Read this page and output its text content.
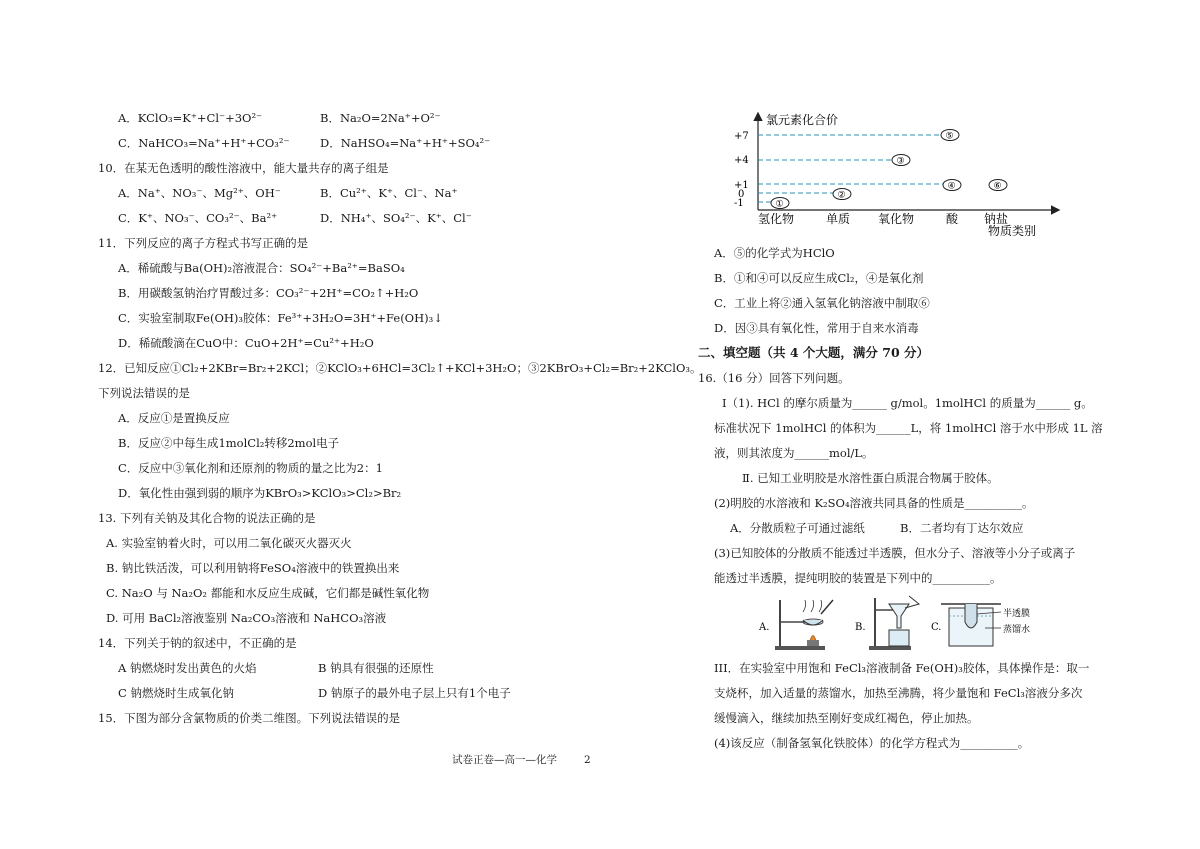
A．KClO₃=K⁺+Cl⁻+3O²⁻	B．Na₂O=2Na⁺+O²⁻
C．NaHCO₃=Na⁺+H⁺+CO₃²⁻	D．NaHSO₄=Na⁺+H⁺+SO₄²⁻
10．在某无色透明的酸性溶液中，能大量共存的离子组是
A．Na⁺、NO₃⁻、Mg²⁺、OH⁻	B．Cu²⁺、K⁺、Cl⁻、Na⁺
C．K⁺、NO₃⁻、CO₃²⁻、Ba²⁺	D．NH₄⁺、SO₄²⁻、K⁺、Cl⁻
11．下列反应的离子方程式书写正确的是
A．稀硫酸与Ba(OH)₂溶液混合：SO₄²⁻+Ba²⁺=BaSO₄
B．用碳酸氢钠治疗胃酸过多：CO₃²⁻+2H⁺=CO₂↑+H₂O
C．实验室制取Fe(OH)₃胶体：Fe³⁺+3H₂O=3H⁺+Fe(OH)₃↓
D．稀硫酸滴在CuO中：CuO+2H⁺=Cu²⁺+H₂O
12．已知反应①Cl₂+2KBr=Br₂+2KCl；②KClO₃+6HCl=3Cl₂↑+KCl+3H₂O；③2KBrO₃+Cl₂=Br₂+2KClO₃。
下列说法错误的是
A．反应①是置换反应
B．反应②中每生成1molCl₂转移2mol电子
C．反应中③氧化剂和还原剂的物质的量之比为2：1
D．氧化性由强到弱的顺序为KBrO₃>KClO₃>Cl₂>Br₂
13. 下列有关钠及其化合物的说法正确的是
A. 实验室钠着火时，可以用二氧化碳灭火器灭火
B. 钠比铁活泼，可以利用钠将FeSO₄溶液中的铁置换出来
C. Na₂O 与 Na₂O₂ 都能和水反应生成碱，它们都是碱性氧化物
D. 可用 BaCl₂溶液鉴别 Na₂CO₃溶液和 NaHCO₃溶液
14．下列关于钠的叙述中，不正确的是
A 钠燃烧时发出黄色的火焰	B 钠具有很强的还原性
C 钠燃烧时生成氧化钠	D 钠原子的最外电子层上只有1个电子
15．下图为部分含氯物质的价类二维图。下列说法错误的是
氯元素化合价
+7
+4
+1
0
-1	①
②
③
④
⑤
⑥
氢化物	单质 氧化物	酸 钠盐
物质类别
A．⑤的化学式为HClO
B．①和④可以反应生成Cl₂，④是氧化剂
C．工业上将②通入氢氧化钠溶液中制取⑥
D．因③具有氧化性，常用于自来水消毒
二、填空题（共 4 个大题，满分 70 分）
16.（16 分）回答下列问题。
Ⅰ（1). HCl 的摩尔质量为______ g/mol。1molHCl 的质量为______ g。
标准状况下 1molHCl 的体积为______L，将 1molHCl 溶于水中形成 1L 溶
液，则其浓度为______mol/L。
Ⅱ. 已知工业明胶是水溶性蛋白质混合物属于胶体。
(2)明胶的水溶液和 K₂SO₄溶液共同具备的性质是__________。
A．分散质粒子可通过滤纸	B．二者均有丁达尔效应
(3)已知胶体的分散质不能透过半透膜，但水分子、溶液等小分子或离子
能透过半透膜，提纯明胶的装置是下列中的__________。
A.	B.	C.
半透膜
蒸馏水
III．在实验室中用饱和 FeCl₃溶液制备 Fe(OH)₃胶体，具体操作是：取一
支烧杯，加入适量的蒸馏水，加热至沸腾，将少量饱和 FeCl₃溶液分多次
缓慢滴入，继续加热至刚好变成红褐色，停止加热。
(4)该反应（制备氢氧化铁胶体）的化学方程式为__________。
试卷正卷—高一—化学	2
